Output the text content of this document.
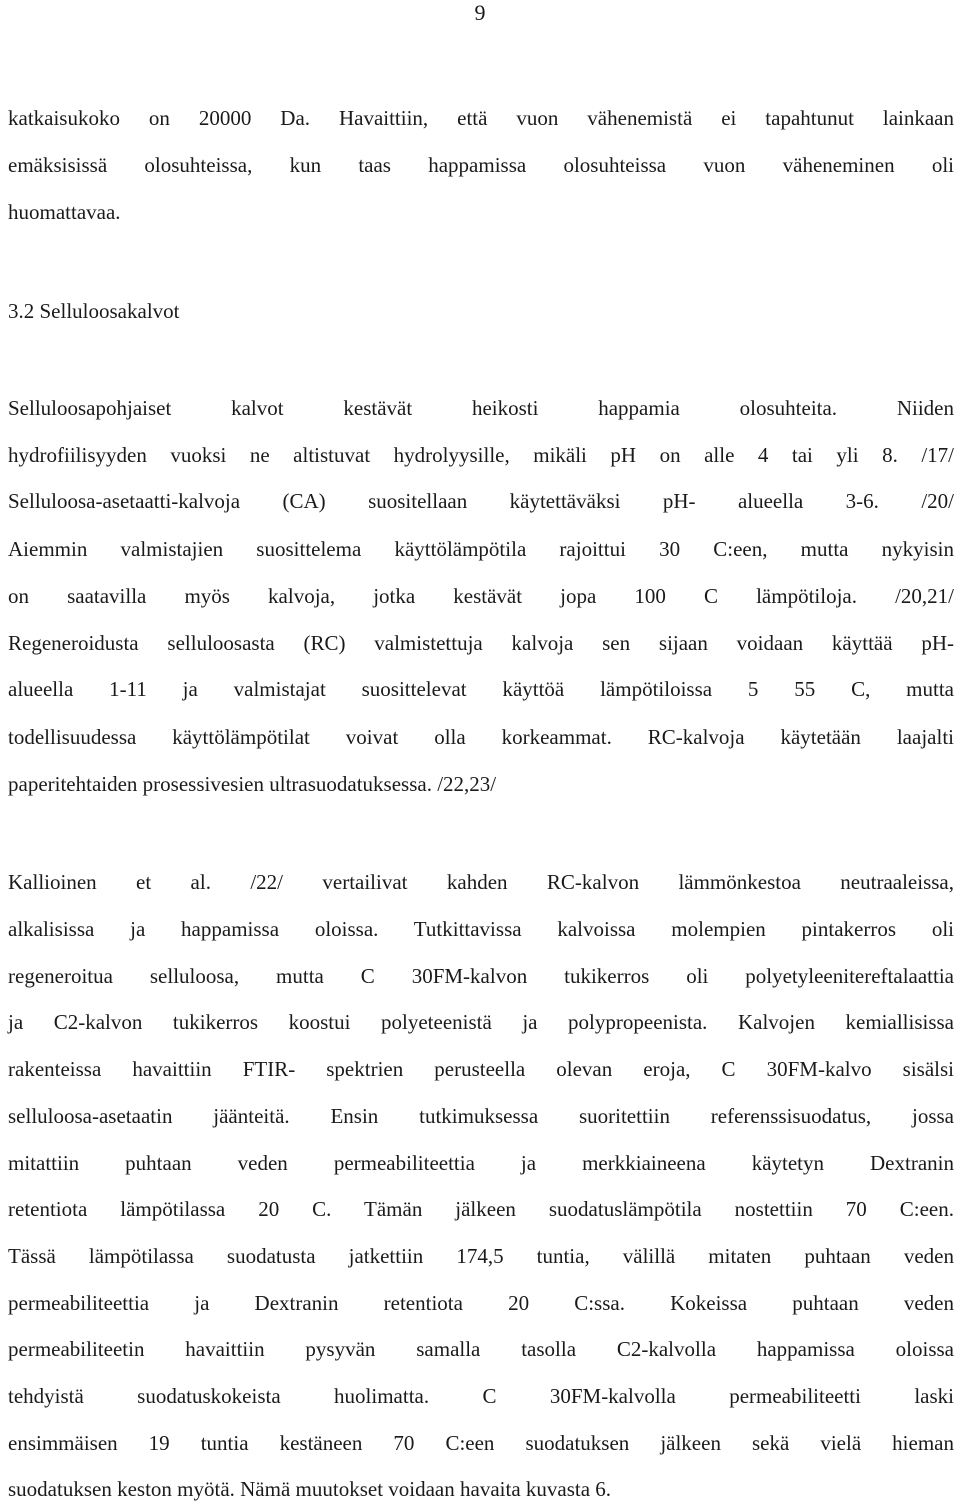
9
katkaisukoko on 20000 Da. Havaittiin, että vuon vähenemistä ei tapahtunut lainkaan
emäksisissä olosuhteissa, kun taas happamissa olosuhteissa vuon väheneminen oli
huomattavaa.
3.2 Selluloosakalvot
Selluloosapohjaiset kalvot kestävät heikosti happamia olosuhteita. Niiden
hydrofiilisyyden vuoksi ne altistuvat hydrolyysille, mikäli pH on alle 4 tai yli 8. /17/
Selluloosa-asetaatti-kalvoja (CA) suositellaan käytettäväksi pH- alueella 3-6. /20/
Aiemmin valmistajien suosittelema käyttölämpötila rajoittui 30 C:een, mutta nykyisin
on saatavilla myös kalvoja, jotka kestävät jopa 100 C lämpötiloja. /20,21/
Regeneroidusta selluloosasta (RC) valmistettuja kalvoja sen sijaan voidaan käyttää pH-
alueella 1-11 ja valmistajat suosittelevat käyttöä lämpötiloissa 5 55 C, mutta
todellisuudessa käyttölämpötilat voivat olla korkeammat. RC-kalvoja käytetään laajalti
paperitehtaiden prosessivesien ultrasuodatuksessa. /22,23/
Kallioinen et al. /22/ vertailivat kahden RC-kalvon lämmönkestoa neutraaleissa,
alkalisissa ja happamissa oloissa. Tutkittavissa kalvoissa molempien pintakerros oli
regeneroitua selluloosa, mutta C 30FM-kalvon tukikerros oli polyetyleenitereftalaattia
ja C2-kalvon tukikerros koostui polyeteenistä ja polypropeenista. Kalvojen kemiallisissa
rakenteissa havaittiin FTIR- spektrien perusteella olevan eroja, C 30FM-kalvo sisälsi
selluloosa-asetaatin jäänteitä. Ensin tutkimuksessa suoritettiin referenssisuodatus, jossa
mitattiin puhtaan veden permeabiliteettia ja merkkiaineena käytetyn Dextranin
retentiota lämpötilassa 20 C. Tämän jälkeen suodatuslämpötila nostettiin 70 C:een.
Tässä lämpötilassa suodatusta jatkettiin 174,5 tuntia, välillä mitaten puhtaan veden
permeabiliteettia ja Dextranin retentiota 20 C:ssa. Kokeissa puhtaan veden
permeabiliteetin havaittiin pysyvän samalla tasolla C2-kalvolla happamissa oloissa
tehdyistä suodatuskokeista huolimatta. C 30FM-kalvolla permeabiliteetti laski
ensimmäisen 19 tuntia kestäneen 70 C:een suodatuksen jälkeen sekä vielä hieman
suodatuksen keston myötä. Nämä muutokset voidaan havaita kuvasta 6.
